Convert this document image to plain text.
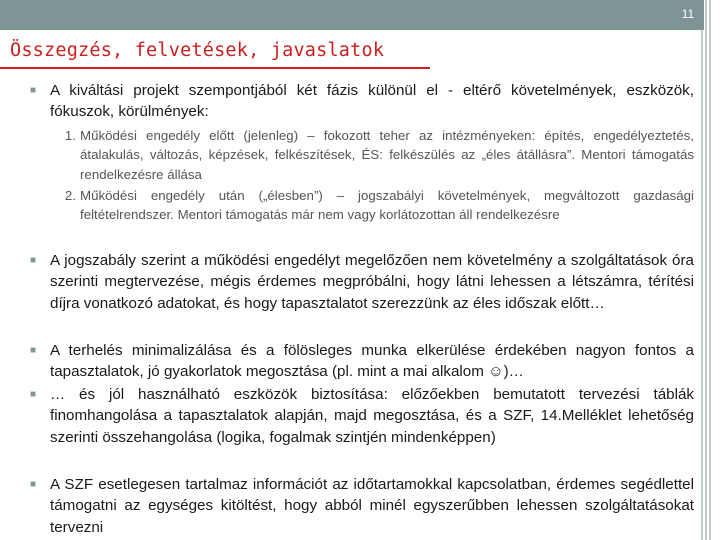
11
Összegzés, felvetések, javaslatok
■ A kiváltási projekt szempontjából két fázis különül el - eltérő követelmények, eszközök, fókuszok, körülmények:
1. Működési engedély előtt (jelenleg) – fokozott teher az intézményeken: építés, engedélyeztetés, átalakulás, változás, képzések, felkészítések, ÉS: felkészülés az „éles átállásra”. Mentori támogatás rendelkezésre állása
2. Működési engedély után („élesben”) – jogszabályi követelmények, megváltozott gazdasági feltételrendszer. Mentori támogatás már nem vagy korlátozottan áll rendelkezésre
■ A jogszabály szerint a működési engedélyt megelőzően nem követelmény a szolgáltatások óra szerinti megtervezése, mégis érdemes megpróbálni, hogy látni lehessen a létszámra, térítési díjra vonatkozó adatokat, és hogy tapasztalatot szerezzünk az éles időszak előtt…
■ A terhelés minimalizálása és a fölösleges munka elkerülése érdekében nagyon fontos a tapasztalatok, jó gyakorlatok megosztása (pl. mint a mai alkalom ☺)…
■ … és jól használható eszközök biztosítása: előzőekben bemutatott tervezési táblák finomhangolása a tapasztalatok alapján, majd megosztása, és a SZF, 14.Melléklet lehetőség szerinti összehangolása (logika, fogalmak szintjén mindenképpen)
■ A SZF esetlegesen tartalmaz információt az időtartamokkal kapcsolatban, érdemes segédlettel támogatni az egységes kitöltést, hogy abból minél egyszerűbben lehessen szolgáltatásokat tervezni
